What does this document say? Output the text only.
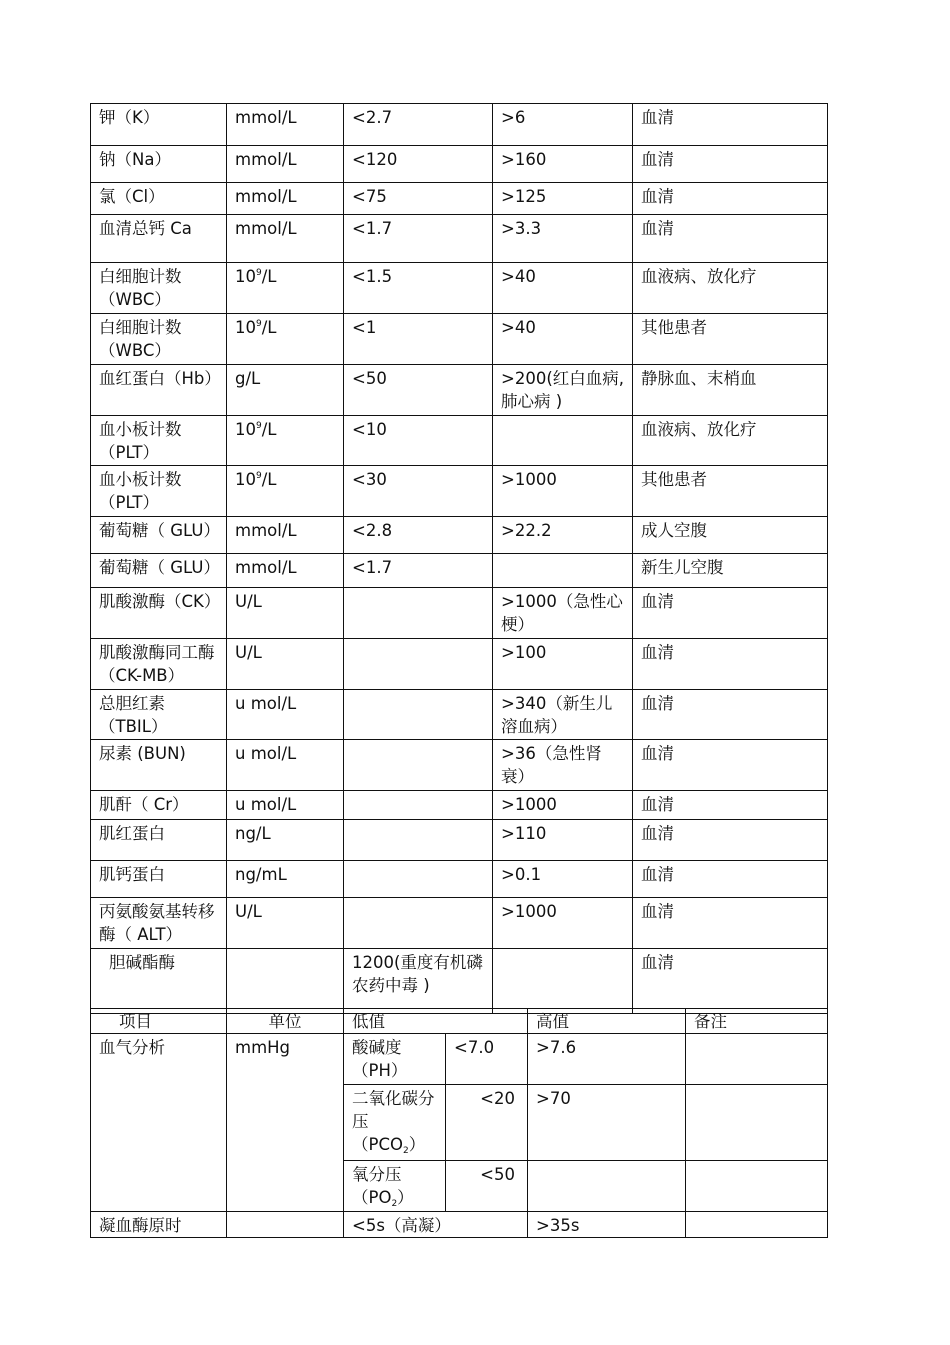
钾（K）	mmol/L	<2.7	>6	血清
钠（Na）	mmol/L	<120	>160	血清
氯（Cl）	mmol/L	<75	>125	血清
血清总钙 Ca	mmol/L	<1.7	>3.3	血清
白细胞计数（WBC）	$10^9/L$	<1.5	>40	血液病、放化疗
白细胞计数（WBC）	$10^9/L$	<1	>40	其他患者
血红蛋白（Hb）	g/L	<50	>200(红白血病, 肺心病 )	静脉血、末梢血
血小板计数（PLT）	$10^9/L$	<10		血液病、放化疗
血小板计数（PLT）	$10^9/L$	<30	>1000	其他患者
葡萄糖（ GLU）	mmol/L	<2.8	>22.2	成人空腹
葡萄糖（ GLU）	mmol/L	<1.7		新生儿空腹
肌酸激酶（CK）	U/L		>1000（急性心梗）	血清
肌酸激酶同工酶（CK-MB）	U/L		>100	血清
总胆红素（TBIL）	u mol/L		>340（新生儿溶血病）	血清
尿素 (BUN)	u mol/L		>36（急性肾衰）	血清
肌酐（ Cr）	u mol/L		>1000	血清
肌红蛋白	ng/L		>110	血清
肌钙蛋白	ng/mL		>0.1	血清
丙氨酸氨基转移酶（ ALT）	U/L		>1000	血清
胆碱酯酶		1200(重度有机磷农药中毒 )		血清
项目	单位	低值		高值	备注
血气分析	mmHg	酸碱度（PH）	<7.0	>7.6	
		二氧化碳分压$(PCO_2)$	<20	>70	
		氧分压$(PO_2)$	<50		
凝血酶原时		<5s（高凝）		>35s	
